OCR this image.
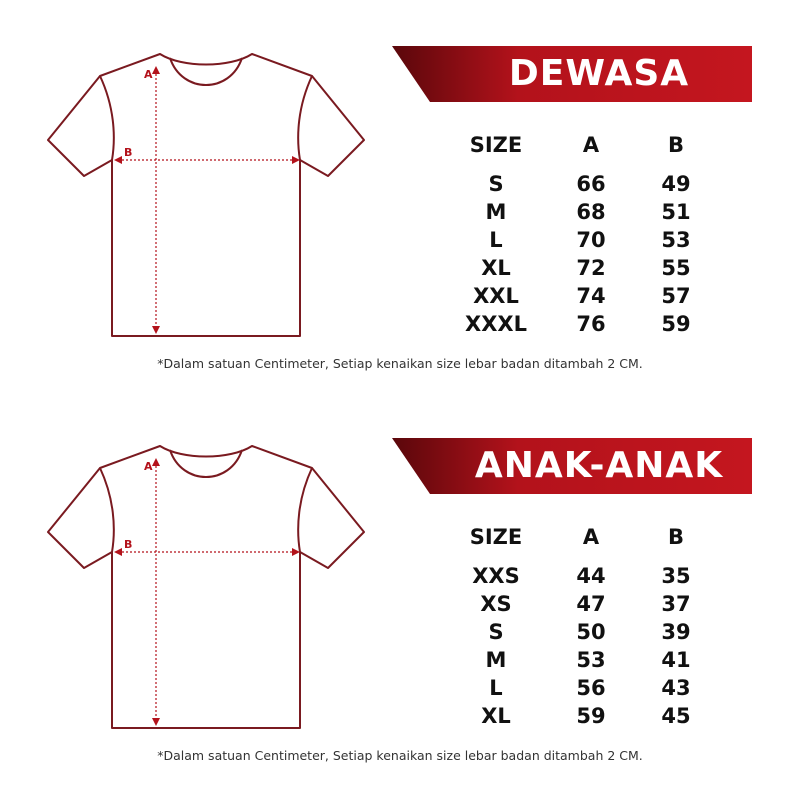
A
B
DEWASA
SIZE	A	B
S	66	49
M	68	51
L	70	53
XL	72	55
XXL	74	57
XXXL	76	59
*Dalam satuan Centimeter, Setiap kenaikan size lebar badan ditambah 2 CM.
A
B
ANAK-ANAK
SIZE	A	B
XXS	44	35
XS	47	37
S	50	39
M	53	41
L	56	43
XL	59	45
*Dalam satuan Centimeter, Setiap kenaikan size lebar badan ditambah 2 CM.
